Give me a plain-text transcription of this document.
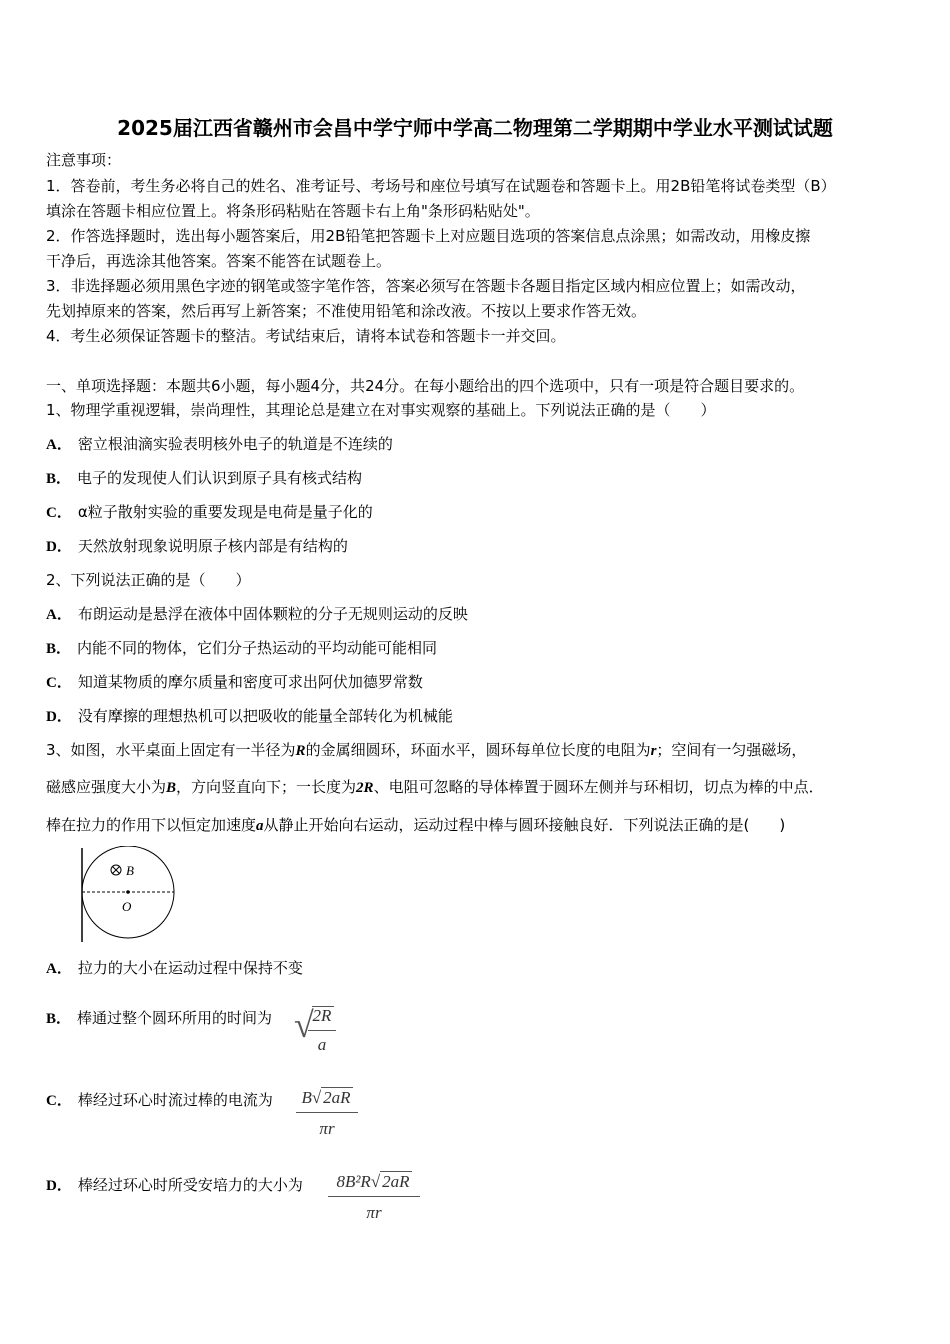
2025届江西省赣州市会昌中学宁师中学高二物理第二学期期中学业水平测试试题
注意事项：
1．答卷前，考生务必将自己的姓名、准考证号、考场号和座位号填写在试题卷和答题卡上。用2B铅笔将试卷类型（B）
填涂在答题卡相应位置上。将条形码粘贴在答题卡右上角"条形码粘贴处"。
2．作答选择题时，选出每小题答案后，用2B铅笔把答题卡上对应题目选项的答案信息点涂黑；如需改动，用橡皮擦
干净后，再选涂其他答案。答案不能答在试题卷上。
3．非选择题必须用黑色字迹的钢笔或签字笔作答，答案必须写在答题卡各题目指定区域内相应位置上；如需改动，
先划掉原来的答案，然后再写上新答案；不准使用铅笔和涂改液。不按以上要求作答无效。
4．考生必须保证答题卡的整洁。考试结束后，请将本试卷和答题卡一并交回。
一、单项选择题：本题共6小题，每小题4分，共24分。在每小题给出的四个选项中，只有一项是符合题目要求的。
1、物理学重视逻辑，崇尚理性，其理论总是建立在对事实观察的基础上。下列说法正确的是（　　）
A． 密立根油滴实验表明核外电子的轨道是不连续的
B． 电子的发现使人们认识到原子具有核式结构
C． α粒子散射实验的重要发现是电荷是量子化的
D． 天然放射现象说明原子核内部是有结构的
2、下列说法正确的是（　　）
A． 布朗运动是悬浮在液体中固体颗粒的分子无规则运动的反映
B． 内能不同的物体，它们分子热运动的平均动能可能相同
C． 知道某物质的摩尔质量和密度可求出阿伏加德罗常数
D． 没有摩擦的理想热机可以把吸收的能量全部转化为机械能
3、如图，水平桌面上固定有一半径为R的金属细圆环，环面水平，圆环每单位长度的电阻为r；空间有一匀强磁场，
磁感应强度大小为B，方向竖直向下；一长度为2R、电阻可忽略的导体棒置于圆环左侧并与环相切，切点为棒的中点．
棒在拉力的作用下以恒定加速度a从静止开始向右运动，运动过程中棒与圆环接触良好．下列说法正确的是(　　)
B
O
A． 拉力的大小在运动过程中保持不变
B． 棒通过整个圆环所用的时间为 √
$\frac{2R}{a}$
C． 棒经过环心时流过棒的电流为 $\frac{B√ 2aR}{\pi r}$
D． 棒经过环心时所受安培力的大小为 $\frac{\text{8B²R√ 2aR}}{\pi r}$
